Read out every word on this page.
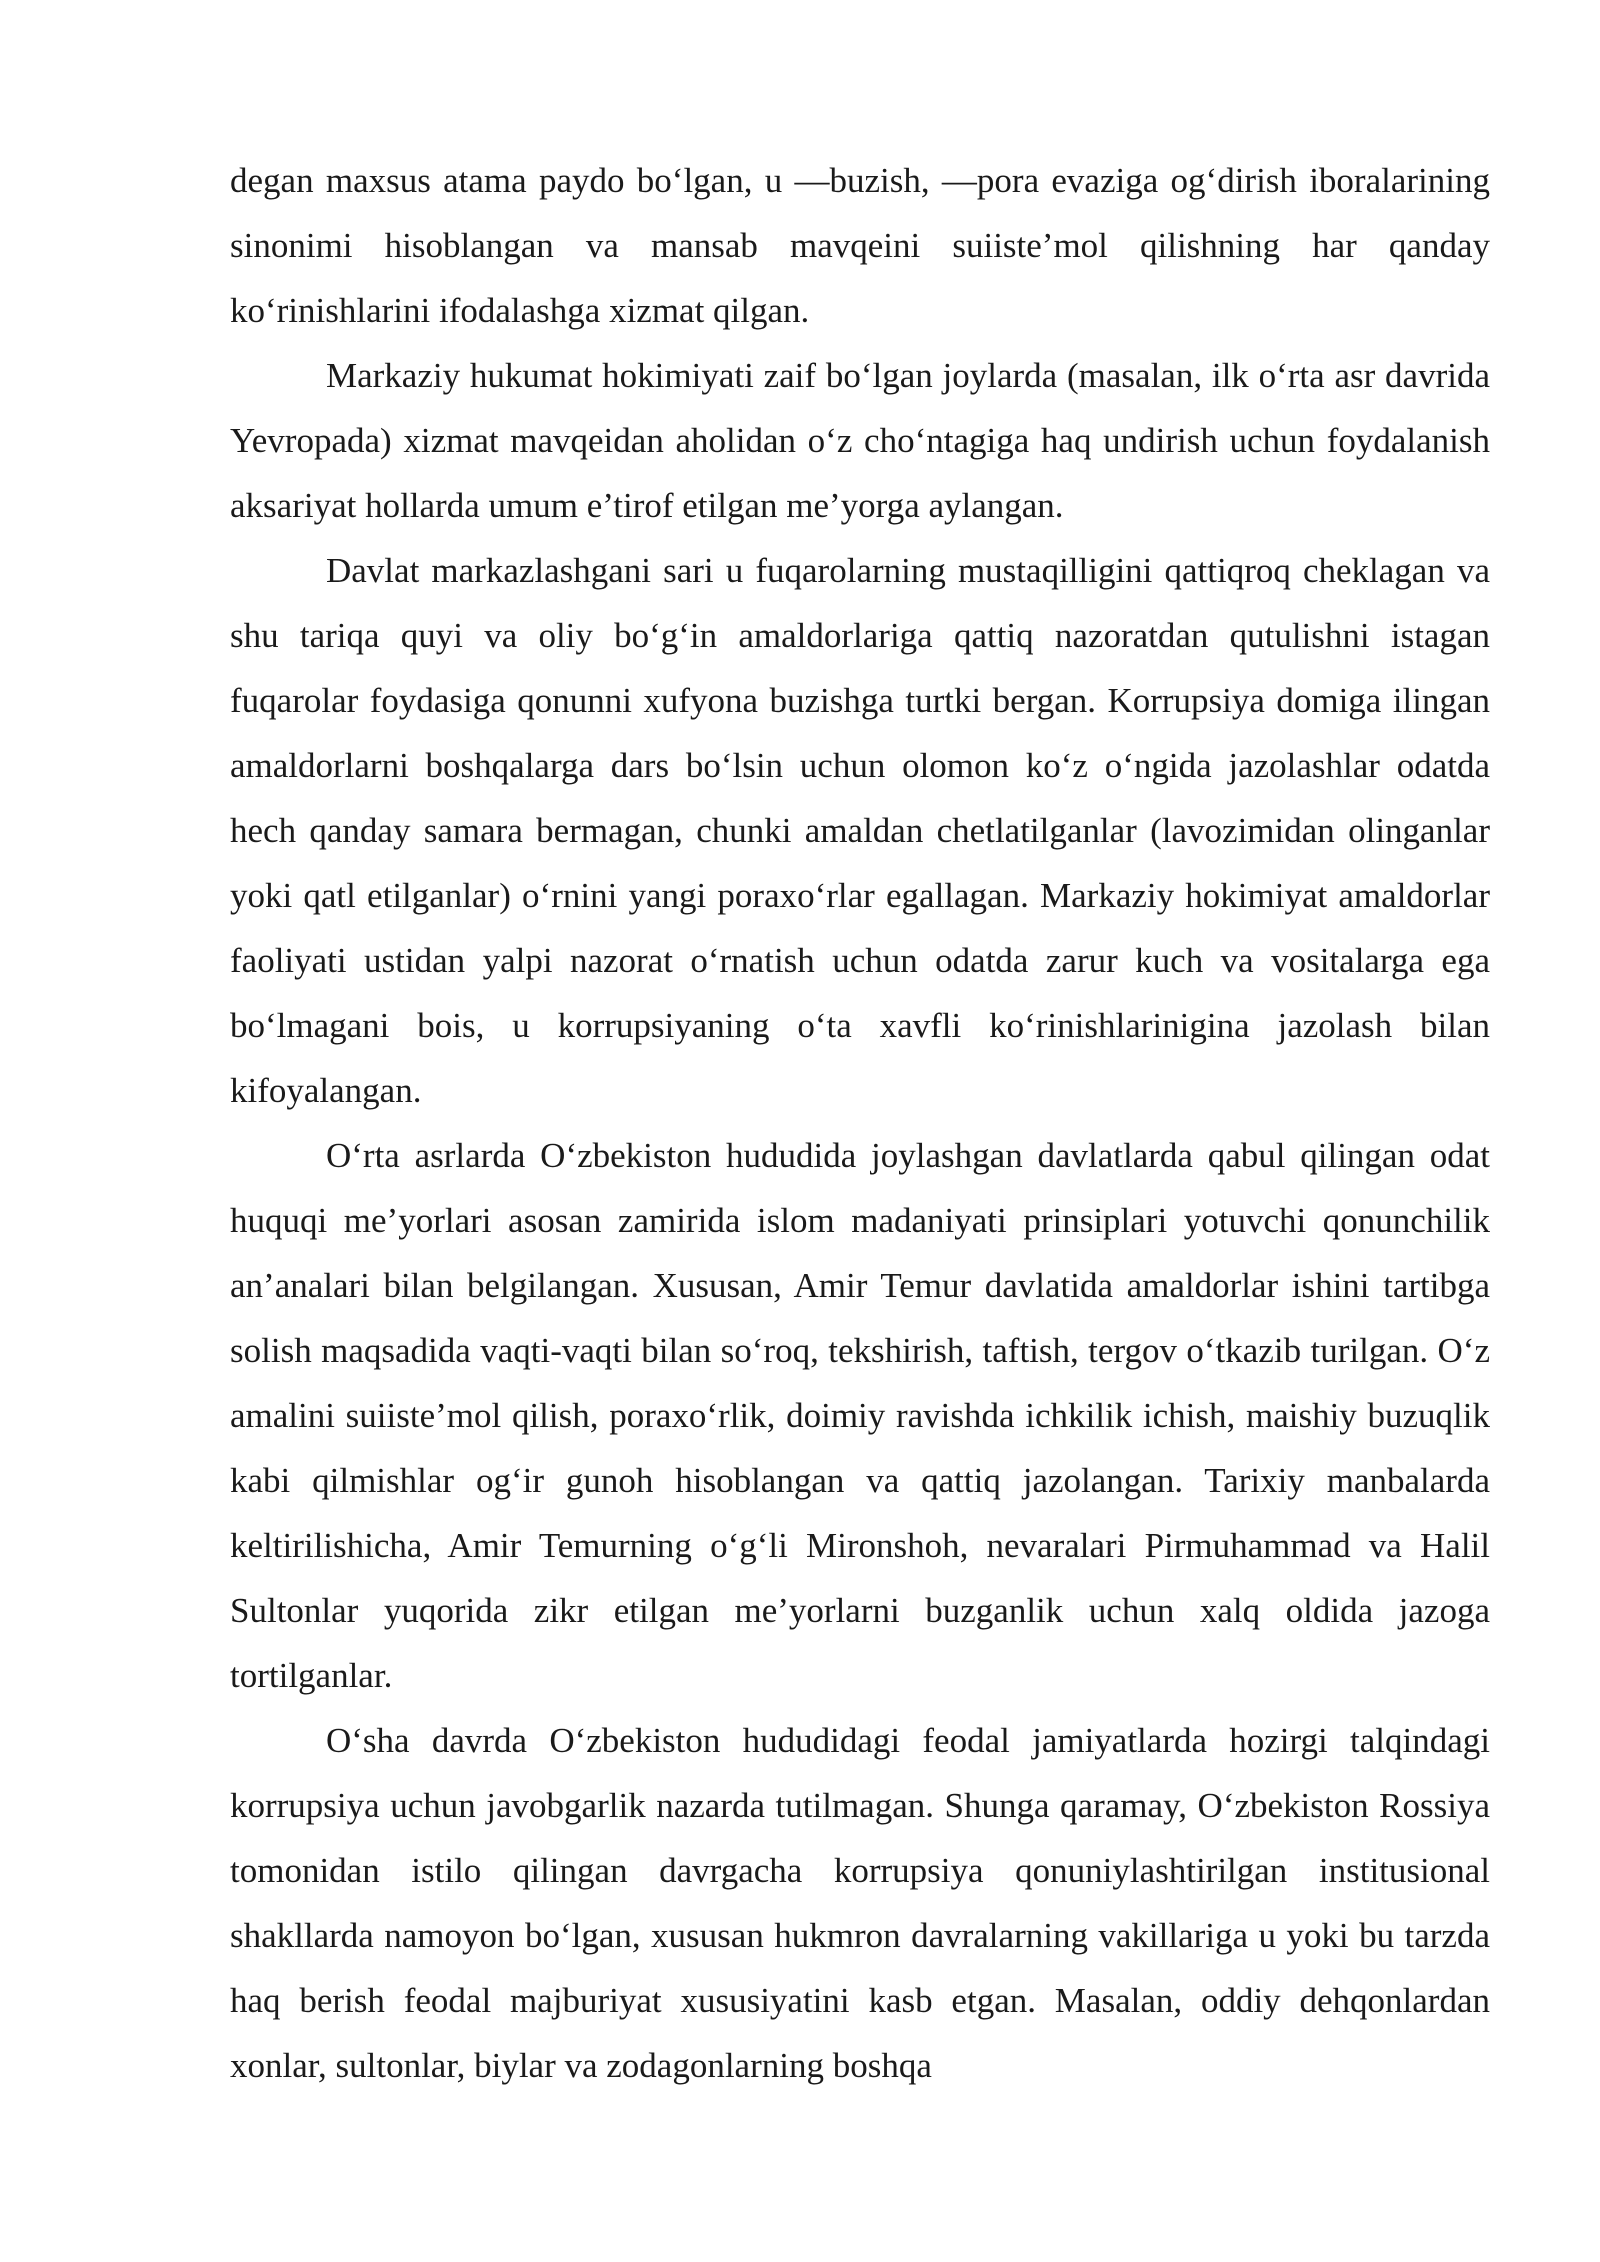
degan maxsus atama paydo bo‘lgan, u —buzish, —pora evaziga og‘dirish iboralarining sinonimi hisoblangan va mansab mavqeini suiiste’mol qilishning har qanday ko‘rinishlarini ifodalashga xizmat qilgan.

Markaziy hukumat hokimiyati zaif bo‘lgan joylarda (masalan, ilk o‘rta asr davrida Yevropada) xizmat mavqeidan aholidan o‘z cho‘ntagiga haq undirish uchun foydalanish aksariyat hollarda umum e’tirof etilgan me’yorga aylangan.

Davlat markazlashgani sari u fuqarolarning mustaqilligini qattiqroq cheklagan va shu tariqa quyi va oliy bo‘g‘in amaldorlariga qattiq nazoratdan qutulishni istagan fuqarolar foydasiga qonunni xufyona buzishga turtki bergan. Korrupsiya domiga ilingan amaldorlarni boshqalarga dars bo‘lsin uchun olomon ko‘z o‘ngida jazolashlar odatda hech qanday samara bermagan, chunki amaldan chetlatilganlar (lavozimidan olinganlar yoki qatl etilganlar) o‘rnini yangi poraxo‘rlar egallagan. Markaziy hokimiyat amaldorlar faoliyati ustidan yalpi nazorat o‘rnatish uchun odatda zarur kuch va vositalarga ega bo‘lmagani bois, u korrupsiyaning o‘ta xavfli ko‘rinishlarinigina jazolash bilan kifoyalangan.

O‘rta asrlarda O‘zbekiston hududida joylashgan davlatlarda qabul qilingan odat huquqi me’yorlari asosan zamirida islom madaniyati prinsiplari yotuvchi qonunchilik an’analari bilan belgilangan. Xususan, Amir Temur davlatida amaldorlar ishini tartibga solish maqsadida vaqti-vaqti bilan so‘roq, tekshirish, taftish, tergov o‘tkazib turilgan. O‘z amalini suiiste’mol qilish, poraxo‘rlik, doimiy ravishda ichkilik ichish, maishiy buzuqlik kabi qilmishlar og‘ir gunoh hisoblangan va qattiq jazolangan. Tarixiy manbalarda keltirilishicha, Amir Temurning o‘g‘li Mironshoh, nevaralari Pirmuhammad va Halil Sultonlar yuqorida zikr etilgan me’yorlarni buzganlik uchun xalq oldida jazoga tortilganlar.

O‘sha davrda O‘zbekiston hududidagi feodal jamiyatlarda hozirgi talqindagi korrupsiya uchun javobgarlik nazarda tutilmagan. Shunga qaramay, O‘zbekiston Rossiya tomonidan istilo qilingan davrgacha korrupsiya qonuniylashtirilgan institusional shakllarda namoyon bo‘lgan, xususan hukmron davralarning vakillariga u yoki bu tarzda haq berish feodal majburiyat xususiyatini kasb etgan. Masalan, oddiy dehqonlardan xonlar, sultonlar, biylar va zodagonlarning boshqa
